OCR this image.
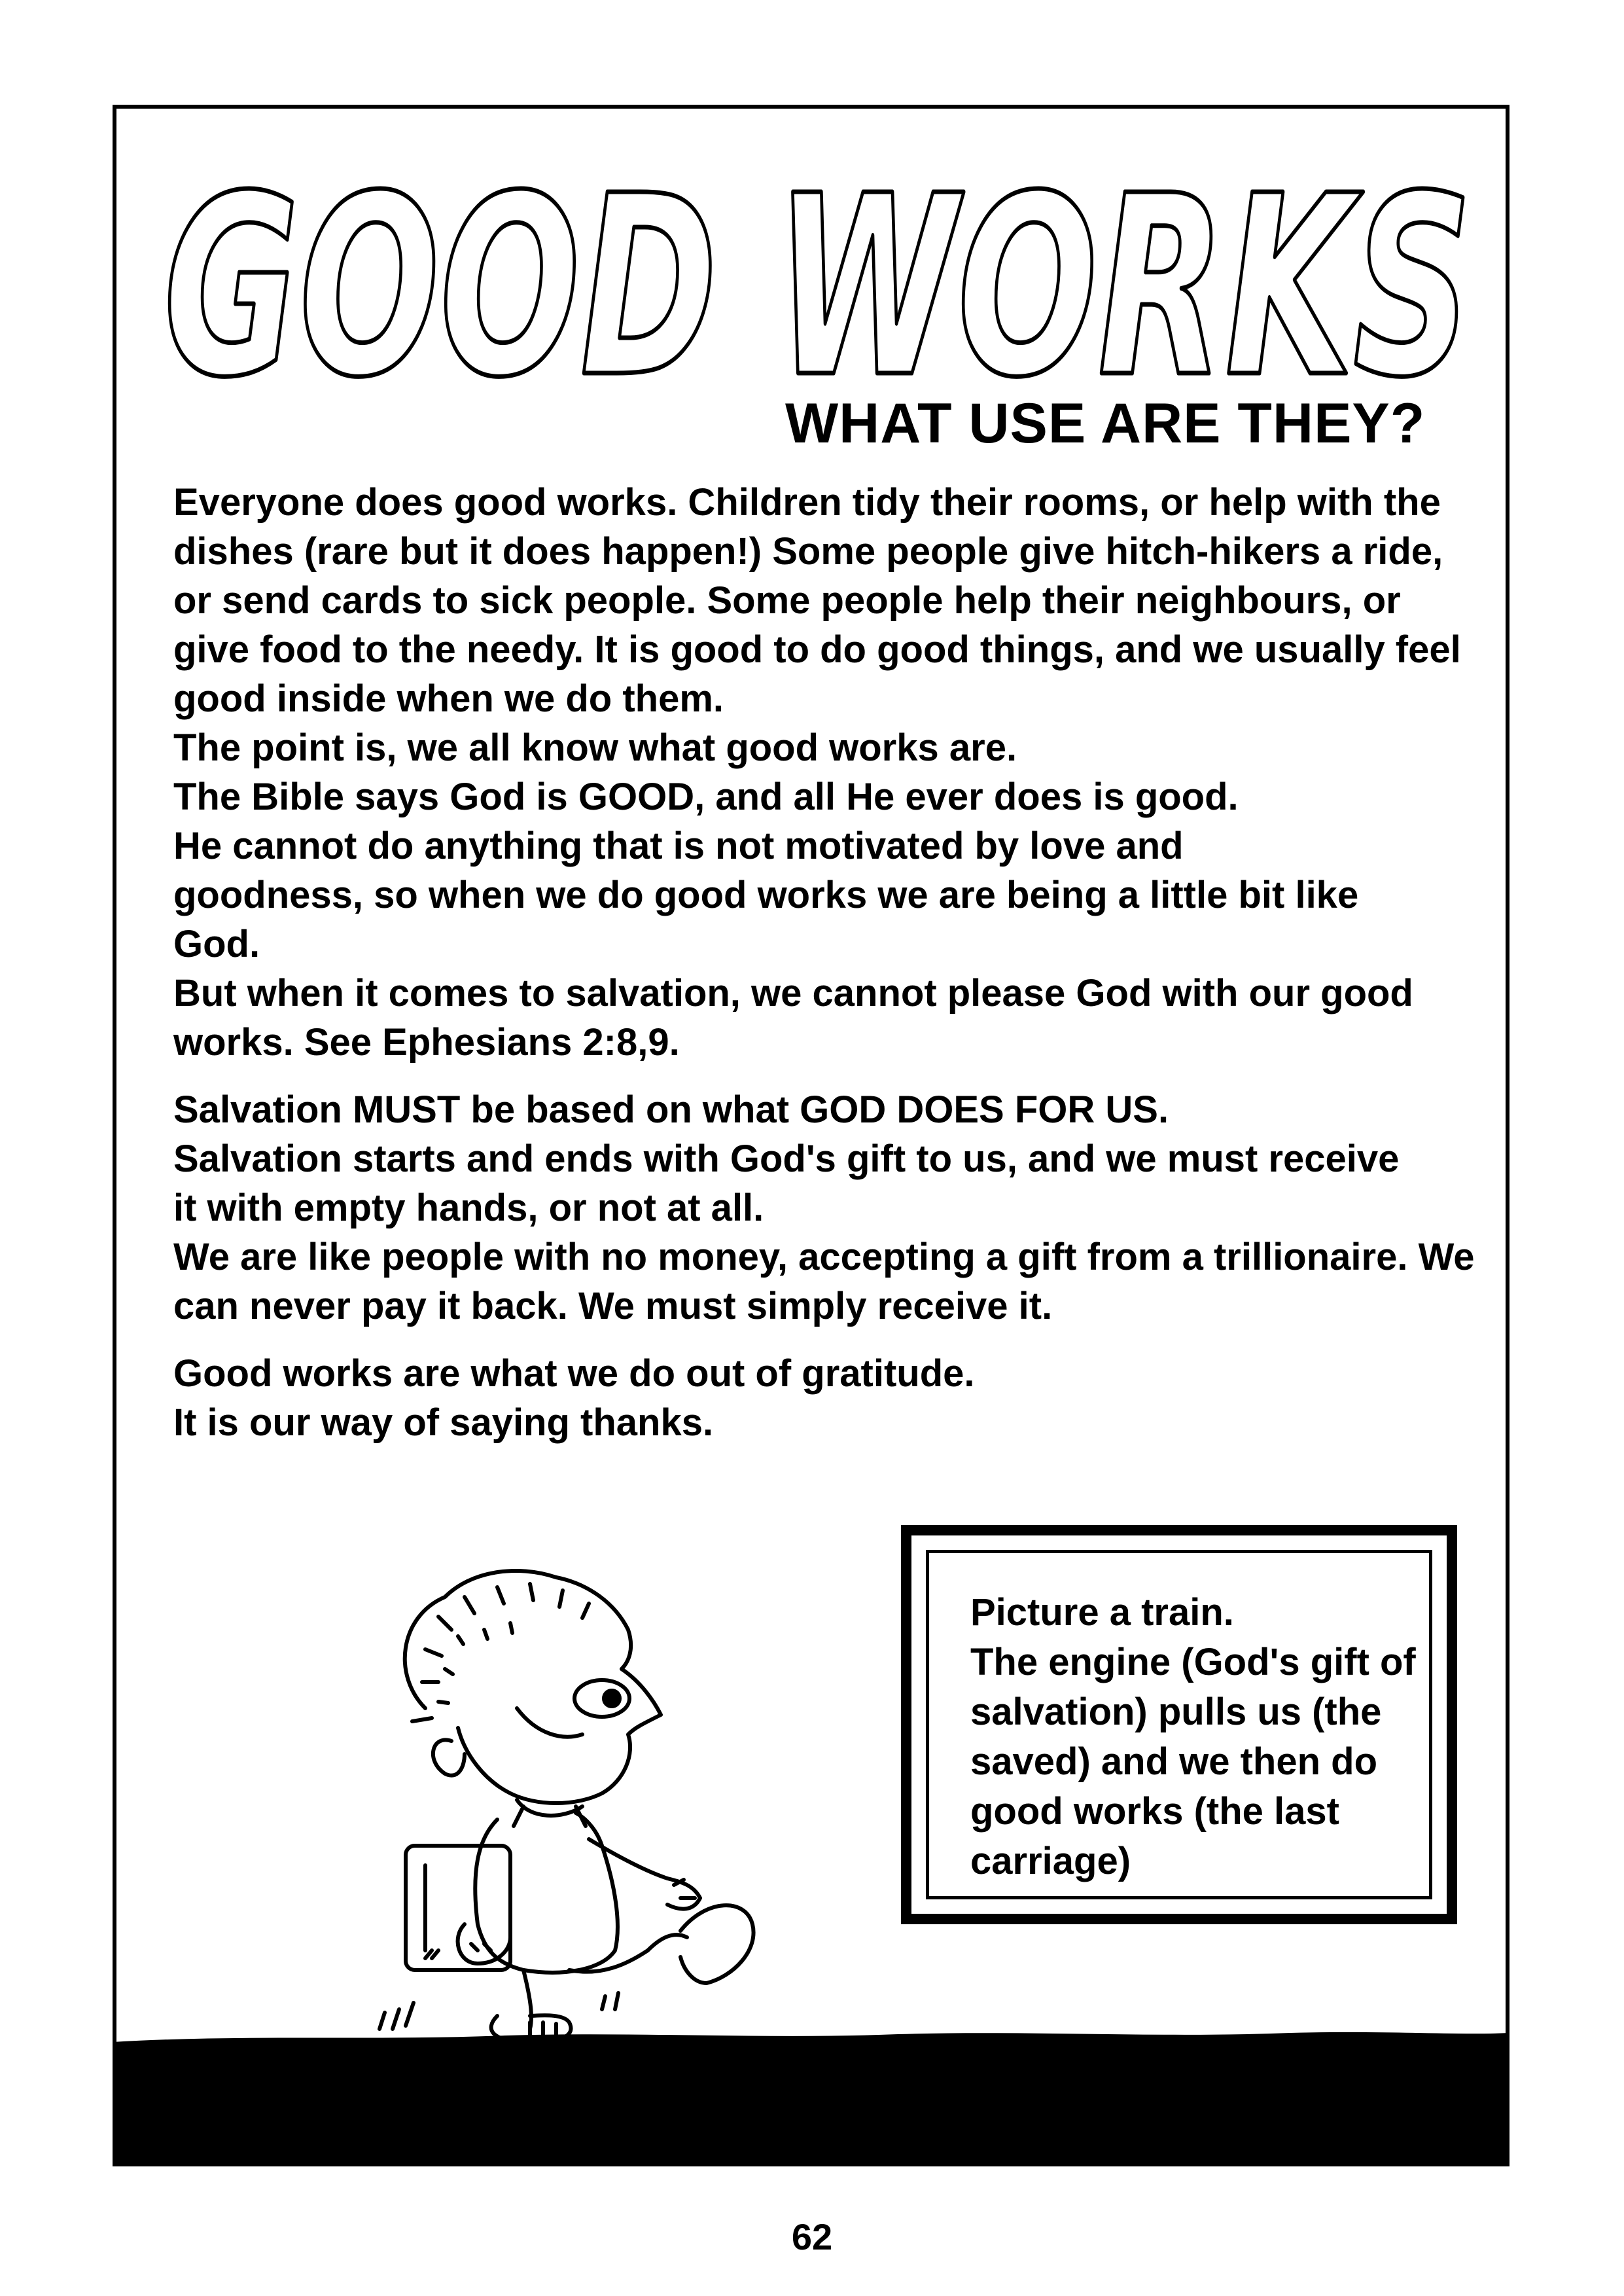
GOOD WORKS
WHAT USE ARE THEY?

Everyone does good works. Children tidy their rooms, or help with the dishes (rare but it does happen!) Some people give hitch-hikers a ride, or send cards to sick people. Some people help their neighbours, or give food to the needy. It is good to do good things, and we usually feel good inside when we do them.

The point is, we all know what good works are.

The Bible says God is GOOD, and all He ever does is good.

He cannot do anything that is not motivated by love and goodness, so when we do good works we are being a little bit like God.

But when it comes to salvation, we cannot please God with our good works. See Ephesians 2:8,9.

Salvation MUST be based on what GOD DOES FOR US.

Salvation starts and ends with God's gift to us, and we must receive it with empty hands, or not at all.

We are like people with no money, accepting a gift from a trillionaire. We can never pay it back. We must simply receive it.

Good works are what we do out of gratitude.

It is our way of saying thanks.

Picture a train.

The engine (God's gift of salvation) pulls us (the saved) and we then do good works (the last carriage)

62
